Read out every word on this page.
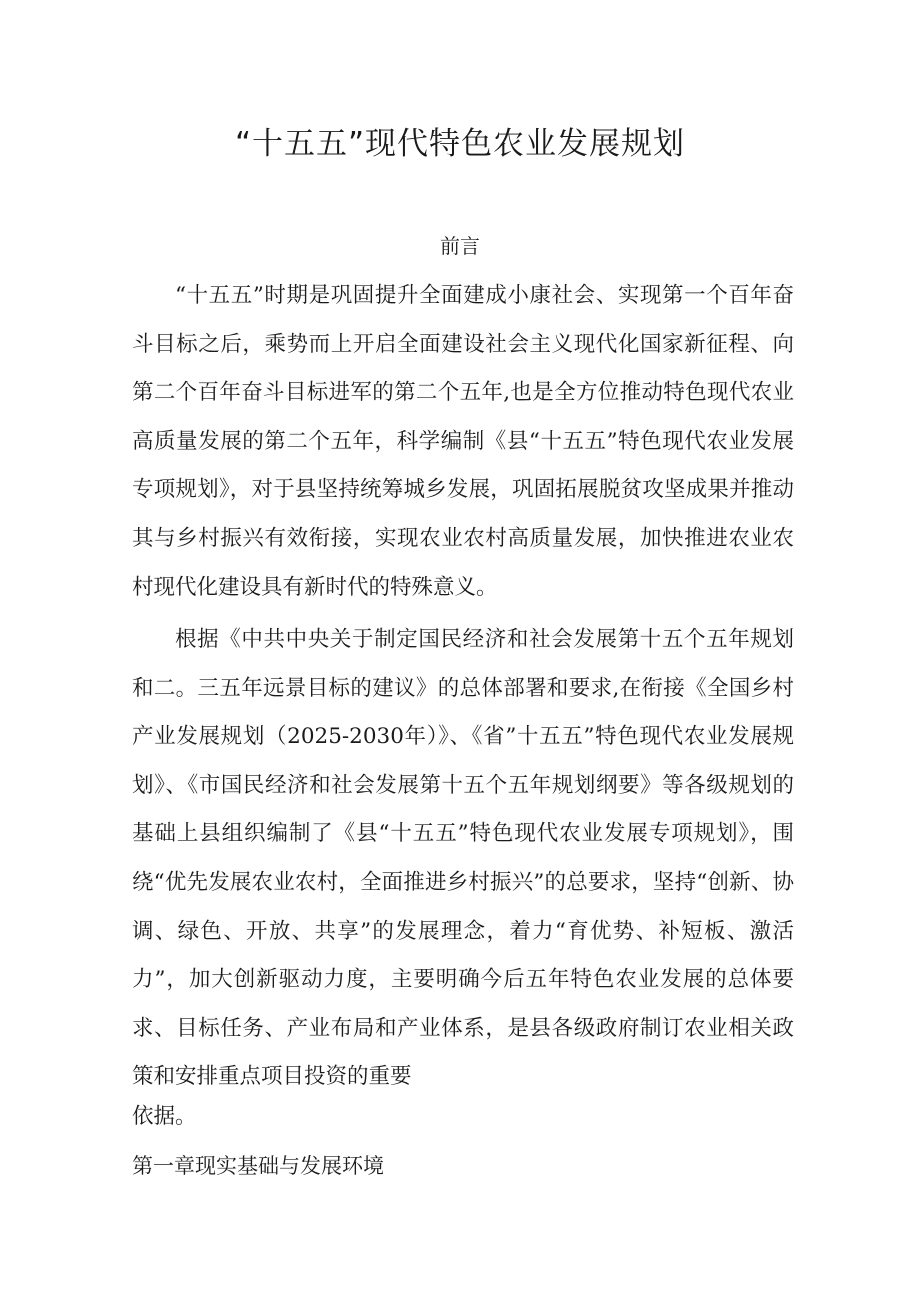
“十五五”现代特色农业发展规划
前言

“十五五”时期是巩固提升全面建成小康社会、实现第一个百年奋斗目标之后，乘势而上开启全面建设社会主义现代化国家新征程、向第二个百年奋斗目标进军的第二个五年,也是全方位推动特色现代农业高质量发展的第二个五年，科学编制《县“十五五”特色现代农业发展专项规划》，对于县坚持统筹城乡发展，巩固拓展脱贫攻坚成果并推动其与乡村振兴有效衔接，实现农业农村高质量发展，加快推进农业农村现代化建设具有新时代的特殊意义。

根据《中共中央关于制定国民经济和社会发展第十五个五年规划和二。三五年远景目标的建议》的总体部署和要求,在衔接《全国乡村产业发展规划（2025-2030年）》、《省”十五五”特色现代农业发展规划》、《市国民经济和社会发展第十五个五年规划纲要》等各级规划的基础上县组织编制了《县“十五五”特色现代农业发展专项规划》，围绕“优先发展农业农村，全面推进乡村振兴”的总要求，坚持“创新、协调、绿色、开放、共享”的发展理念，着力“育优势、补短板、激活力”，加大创新驱动力度，主要明确今后五年特色农业发展的总体要求、目标任务、产业布局和产业体系，是县各级政府制订农业相关政策和安排重点项目投资的重要

依据。

第一章现实基础与发展环境
